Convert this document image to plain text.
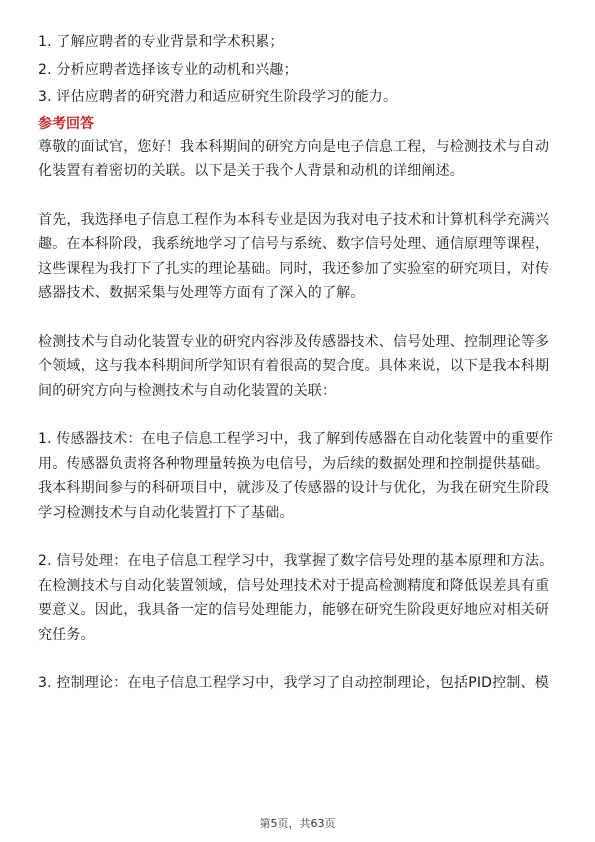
1. 了解应聘者的专业背景和学术积累；

2. 分析应聘者选择该专业的动机和兴趣；

3. 评估应聘者的研究潜力和适应研究生阶段学习的能力。

参考回答

尊敬的面试官，您好！我本科期间的研究方向是电子信息工程，与检测技术与自动

化装置有着密切的关联。以下是关于我个人背景和动机的详细阐述。

首先，我选择电子信息工程作为本科专业是因为我对电子技术和计算机科学充满兴

趣。在本科阶段，我系统地学习了信号与系统、数字信号处理、通信原理等课程，

这些课程为我打下了扎实的理论基础。同时，我还参加了实验室的研究项目，对传

感器技术、数据采集与处理等方面有了深入的了解。

检测技术与自动化装置专业的研究内容涉及传感器技术、信号处理、控制理论等多

个领域，这与我本科期间所学知识有着很高的契合度。具体来说，以下是我本科期

间的研究方向与检测技术与自动化装置的关联：

1. 传感器技术：在电子信息工程学习中，我了解到传感器在自动化装置中的重要作

用。传感器负责将各种物理量转换为电信号，为后续的数据处理和控制提供基础。

我本科期间参与的科研项目中，就涉及了传感器的设计与优化，为我在研究生阶段

学习检测技术与自动化装置打下了基础。

2. 信号处理：在电子信息工程学习中，我掌握了数字信号处理的基本原理和方法。

在检测技术与自动化装置领域，信号处理技术对于提高检测精度和降低误差具有重

要意义。因此，我具备一定的信号处理能力，能够在研究生阶段更好地应对相关研

究任务。

3. 控制理论：在电子信息工程学习中，我学习了自动控制理论，包括PID控制、模

第5页，共63页
